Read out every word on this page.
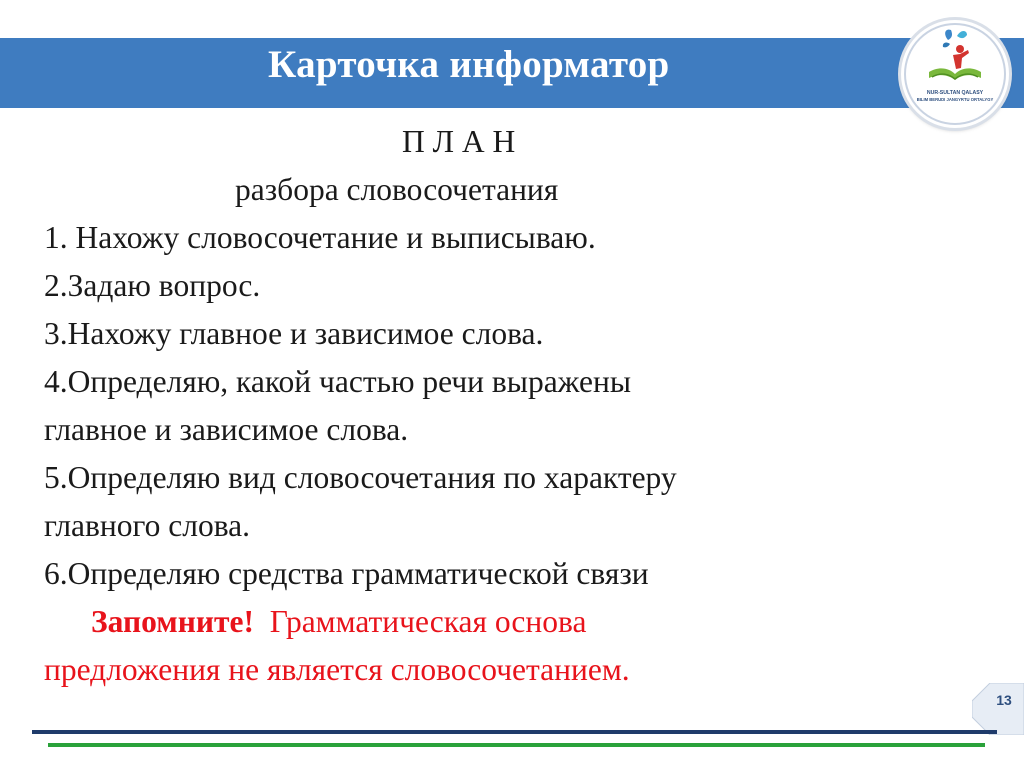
Карточка информатор
NUR-SULTAN QALASY
BILIM BERUDI JANGYRTU ORTALYGY
П Л А Н
разбора словосочетания
1. Нахожу словосочетание и выписываю.
2.Задаю вопрос.
3.Нахожу главное и зависимое слова.
4.Определяю, какой частью речи выражены
главное и зависимое слова.
5.Определяю вид словосочетания по характеру
главного слова.
6.Определяю средства грамматической связи
Запомните! Грамматическая основа
предложения не является словосочетанием.
13
